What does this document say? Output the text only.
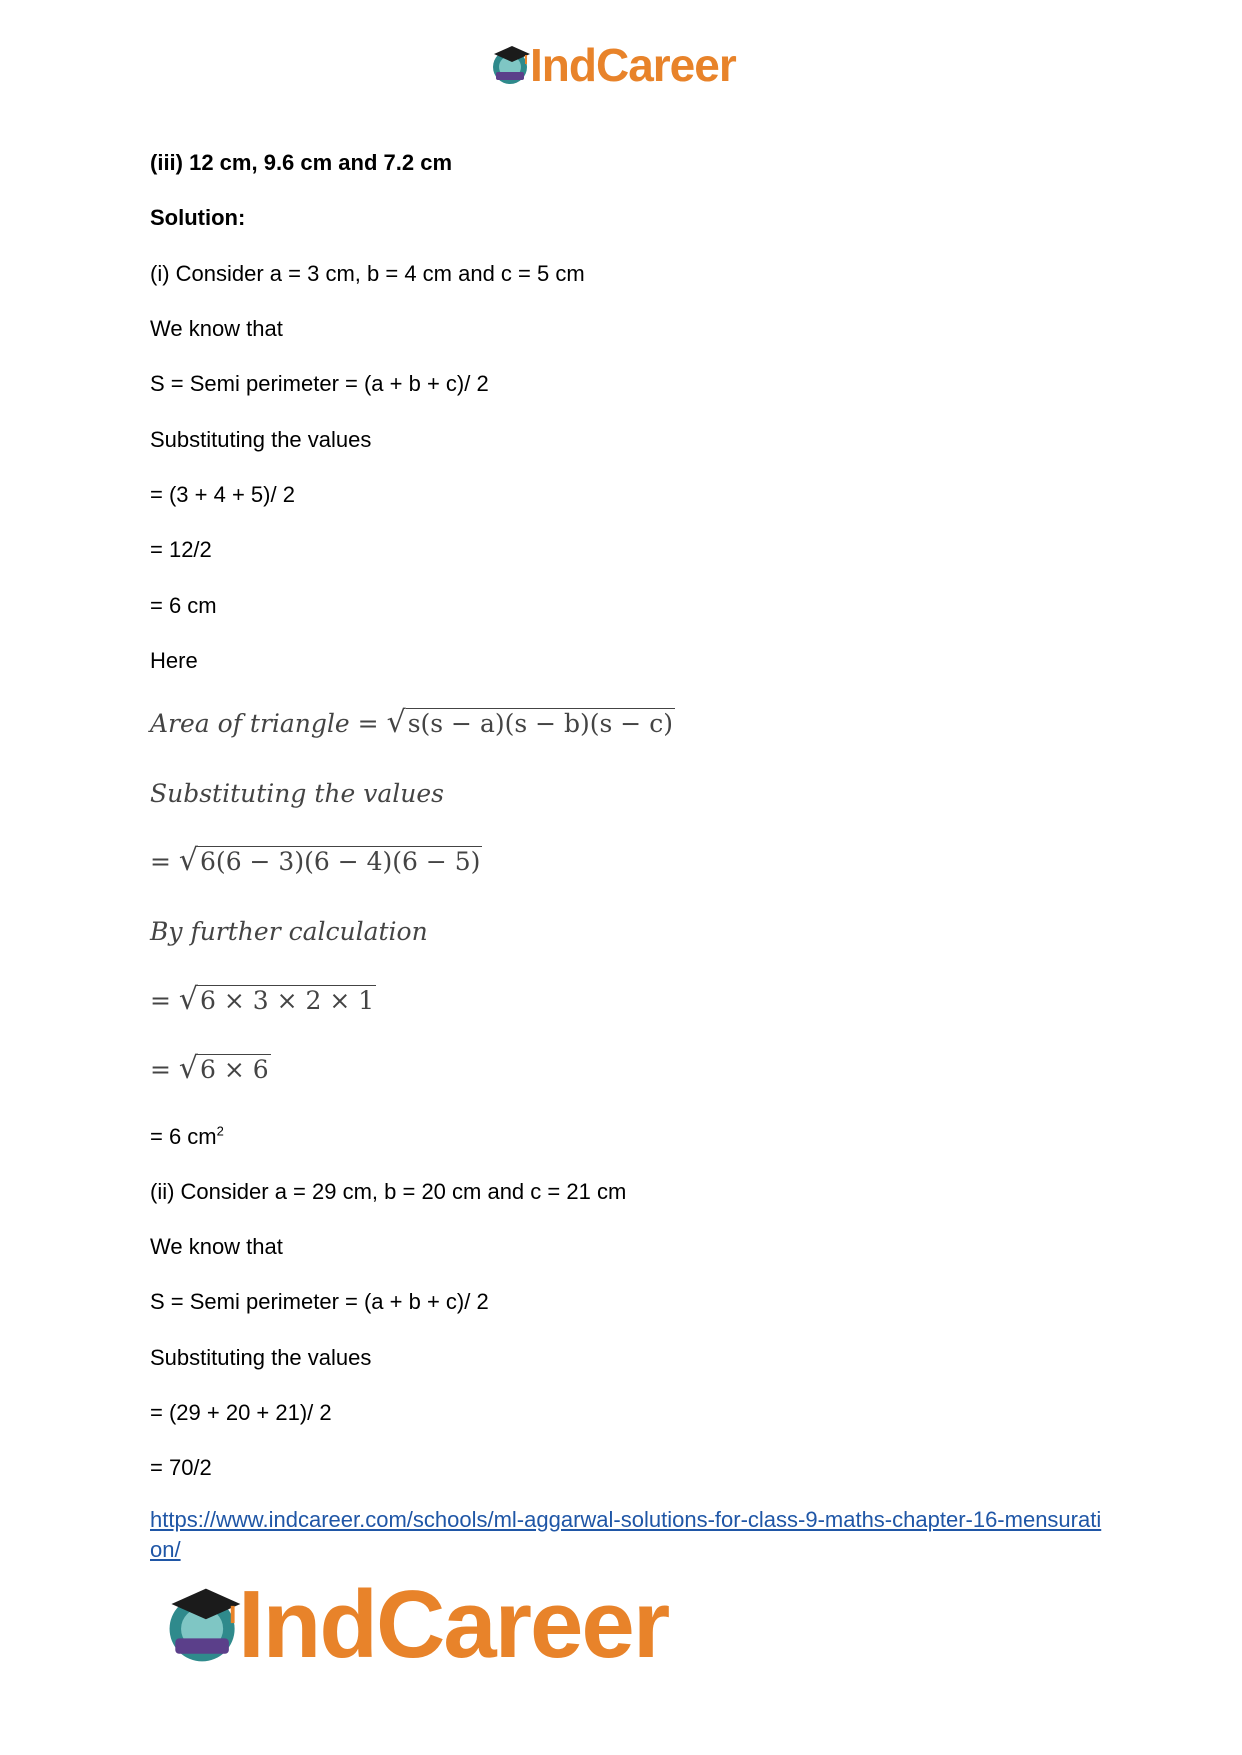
IndCareer
(iii) 12 cm, 9.6 cm and 7.2 cm
Solution:
(i) Consider a = 3 cm, b = 4 cm and c = 5 cm
We know that
S = Semi perimeter = (a + b + c)/ 2
Substituting the values
= (3 + 4 + 5)/ 2
= 12/2
= 6 cm
Here
Area of triangle = √ s(s − a)(s − b)(s − c)
Substituting the values
= √ 6(6 − 3)(6 − 4)(6 − 5)
By further calculation
= √ 6 × 3 × 2 × 1
= √ 6 × 6
= 6 $cm^2$
(ii) Consider a = 29 cm, b = 20 cm and c = 21 cm
We know that
S = Semi perimeter = (a + b + c)/ 2
Substituting the values
= (29 + 20 + 21)/ 2
= 70/2
https://www.indcareer.com/schools/ml-aggarwal-solutions-for-class-9-maths-chapter-16-mensuration/
IndCareer
